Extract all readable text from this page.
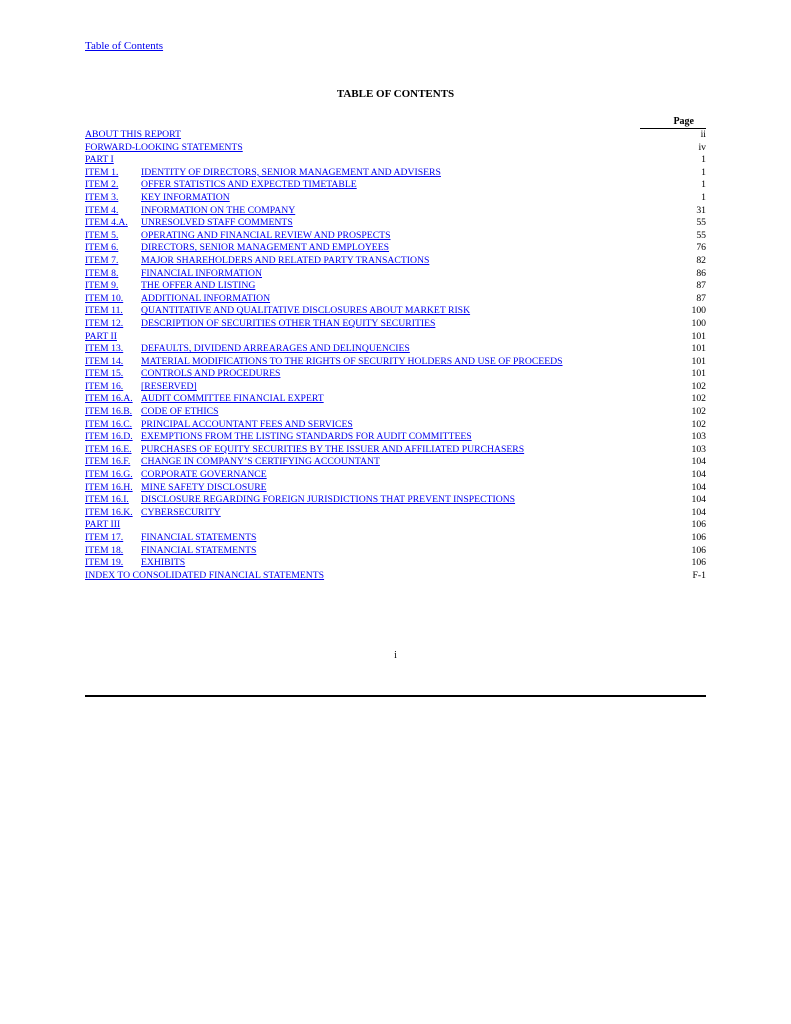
Table of Contents
TABLE OF CONTENTS
Page
ABOUT THIS REPORT	ii
FORWARD-LOOKING STATEMENTS	iv
PART I	1
ITEM 1. IDENTITY OF DIRECTORS, SENIOR MANAGEMENT AND ADVISERS	1
ITEM 2. OFFER STATISTICS AND EXPECTED TIMETABLE	1
ITEM 3. KEY INFORMATION	1
ITEM 4. INFORMATION ON THE COMPANY	31
ITEM 4.A. UNRESOLVED STAFF COMMENTS	55
ITEM 5. OPERATING AND FINANCIAL REVIEW AND PROSPECTS	55
ITEM 6. DIRECTORS, SENIOR MANAGEMENT AND EMPLOYEES	76
ITEM 7. MAJOR SHAREHOLDERS AND RELATED PARTY TRANSACTIONS	82
ITEM 8. FINANCIAL INFORMATION	86
ITEM 9. THE OFFER AND LISTING	87
ITEM 10. ADDITIONAL INFORMATION	87
ITEM 11. QUANTITATIVE AND QUALITATIVE DISCLOSURES ABOUT MARKET RISK	100
ITEM 12. DESCRIPTION OF SECURITIES OTHER THAN EQUITY SECURITIES	100
PART II	101
ITEM 13. DEFAULTS, DIVIDEND ARREARAGES AND DELINQUENCIES	101
ITEM 14. MATERIAL MODIFICATIONS TO THE RIGHTS OF SECURITY HOLDERS AND USE OF PROCEEDS	101
ITEM 15. CONTROLS AND PROCEDURES	101
ITEM 16. [RESERVED]	102
ITEM 16.A. AUDIT COMMITTEE FINANCIAL EXPERT	102
ITEM 16.B. CODE OF ETHICS	102
ITEM 16.C. PRINCIPAL ACCOUNTANT FEES AND SERVICES	102
ITEM 16.D. EXEMPTIONS FROM THE LISTING STANDARDS FOR AUDIT COMMITTEES	103
ITEM 16.E. PURCHASES OF EQUITY SECURITIES BY THE ISSUER AND AFFILIATED PURCHASERS	103
ITEM 16.F. CHANGE IN COMPANY’S CERTIFYING ACCOUNTANT	104
ITEM 16.G. CORPORATE GOVERNANCE	104
ITEM 16.H. MINE SAFETY DISCLOSURE	104
ITEM 16.I. DISCLOSURE REGARDING FOREIGN JURISDICTIONS THAT PREVENT INSPECTIONS	104
ITEM 16.K. CYBERSECURITY	104
PART III	106
ITEM 17. FINANCIAL STATEMENTS	106
ITEM 18. FINANCIAL STATEMENTS	106
ITEM 19. EXHIBITS	106
INDEX TO CONSOLIDATED FINANCIAL STATEMENTS	F-1
i
